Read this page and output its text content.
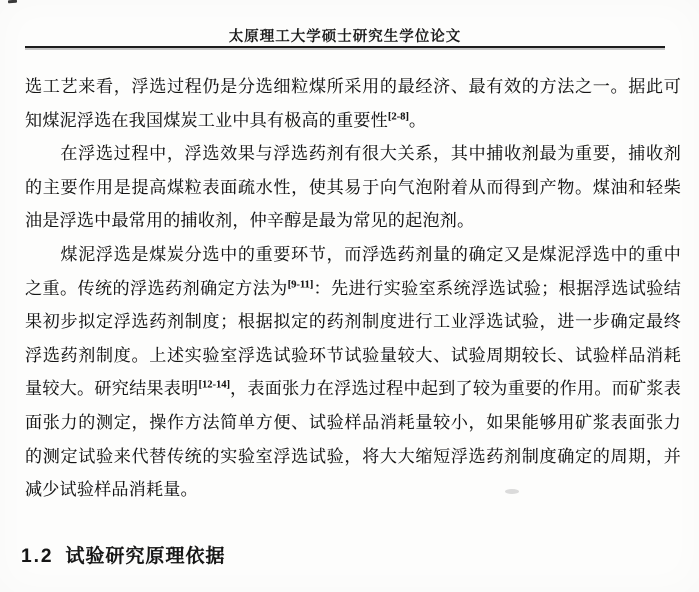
太原理工大学硕士研究生学位论文

选工艺来看，浮选过程仍是分选细粒煤所采用的最经济、最有效的方法之一。据此可知煤泥浮选在我国煤炭工业中具有极高的重要性[2-8]。

在浮选过程中，浮选效果与浮选药剂有很大关系，其中捕收剂最为重要，捕收剂的主要作用是提高煤粒表面疏水性，使其易于向气泡附着从而得到产物。煤油和轻柴油是浮选中最常用的捕收剂，仲辛醇是最为常见的起泡剂。

煤泥浮选是煤炭分选中的重要环节，而浮选药剂量的确定又是煤泥浮选中的重中之重。传统的浮选药剂确定方法为[9-11]：先进行实验室系统浮选试验；根据浮选试验结果初步拟定浮选药剂制度；根据拟定的药剂制度进行工业浮选试验，进一步确定最终浮选药剂制度。上述实验室浮选试验环节试验量较大、试验周期较长、试验样品消耗量较大。研究结果表明[12-14]，表面张力在浮选过程中起到了较为重要的作用。而矿浆表面张力的测定，操作方法简单方便、试验样品消耗量较小，如果能够用矿浆表面张力的测定试验来代替传统的实验室浮选试验，将大大缩短浮选药剂制度确定的周期，并减少试验样品消耗量。

1.2 试验研究原理依据
